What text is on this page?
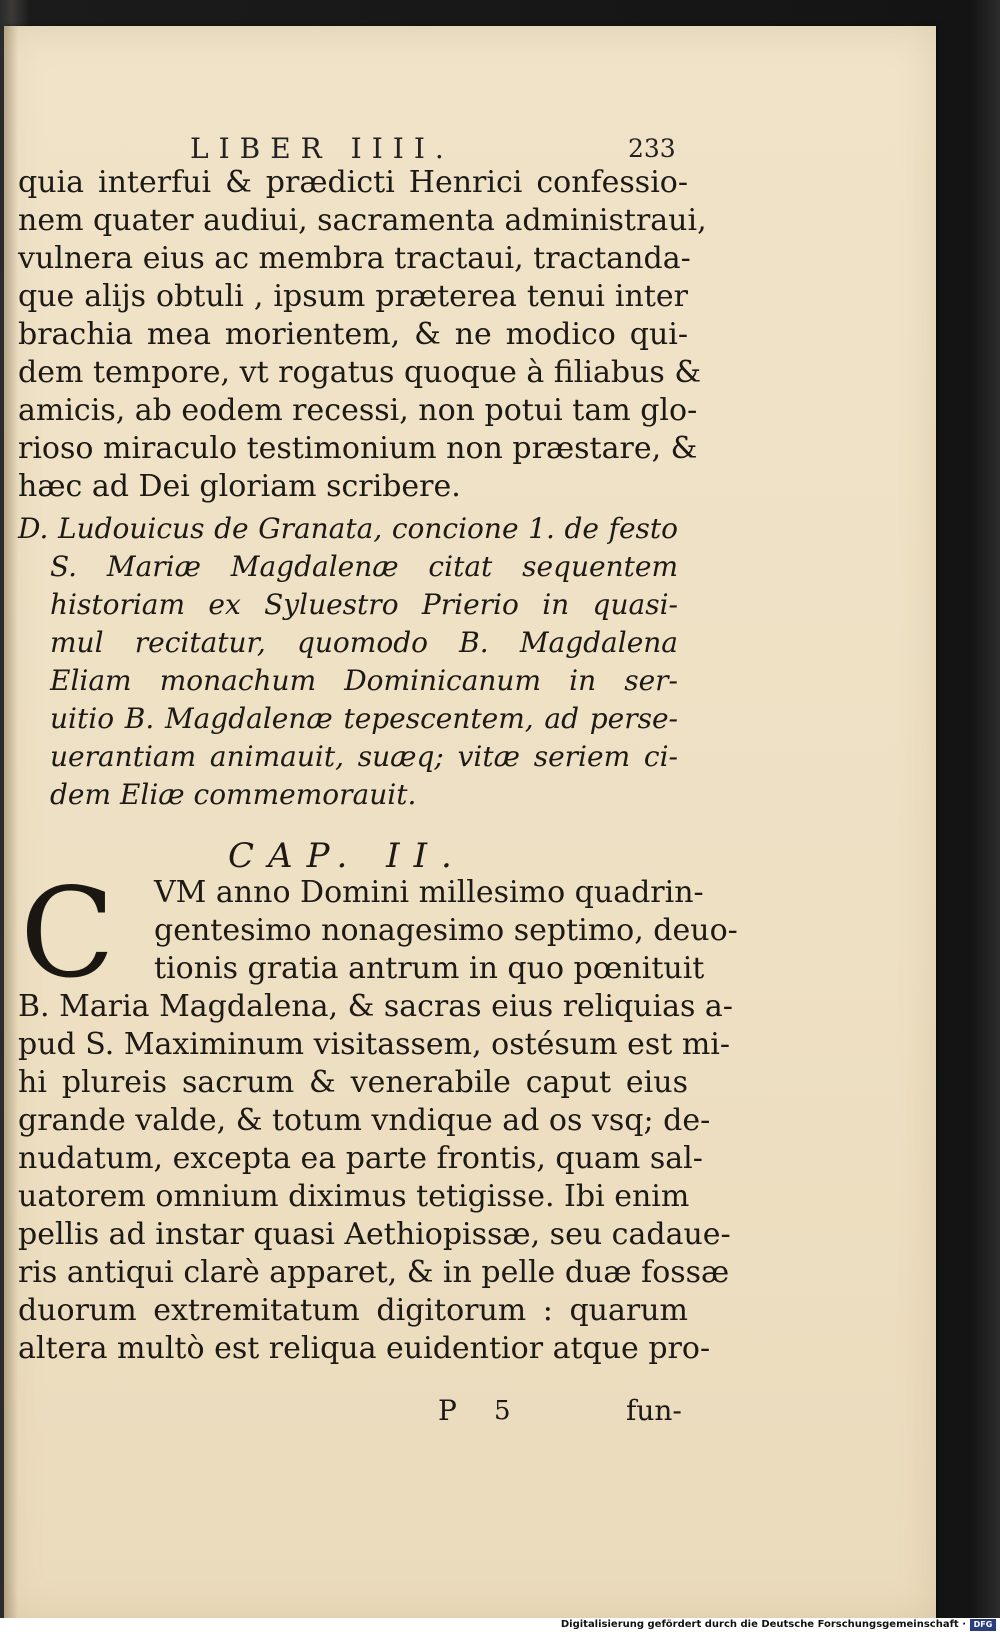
LIBER IIII.	233
quia interfui & prædicti Henrici confessio-
nem quater audiui, sacramenta administraui,
vulnera eius ac membra tractaui, tractanda-
que alijs obtuli , ipsum præterea tenui inter
brachia mea morientem, & ne modico qui-
dem tempore, vt rogatus quoque à filiabus &
amicis, ab eodem recessi, non potui tam glo-
rioso miraculo testimonium non præstare, &
hæc ad Dei gloriam scribere.
D. Ludouicus de Granata, concione 1. de festo
S. Mariæ Magdalenæ citat sequentem
historiam ex Syluestro Prierio in quasi-
mul recitatur, quomodo B. Magdalena
Eliam monachum Dominicanum in ser-
uitio B. Magdalenæ tepescentem, ad perse-
uerantiam animauit, suæq; vitæ seriem ci-
dem Eliæ commemorauit.
CAP. II.
C VM anno Domini millesimo quadrin-
gentesimo nonagesimo septimo, deuo-
tionis gratia antrum in quo pœnituit
B. Maria Magdalena, & sacras eius reliquias a-
pud S. Maximinum visitassem, ostésum est mi-
hi plureis sacrum & venerabile caput eius
grande valde, & totum vndique ad os vsq; de-
nudatum, excepta ea parte frontis, quam sal-
uatorem omnium diximus tetigisse. Ibi enim
pellis ad instar quasi Aethiopissæ, seu cadaue-
ris antiqui clarè apparet, & in pelle duæ fossæ
duorum extremitatum digitorum : quarum
altera multò est reliqua euidentior atque pro-
P 5	fun-
Digitalisierung gefördert durch die Deutsche Forschungsgemeinschaft · DFG
